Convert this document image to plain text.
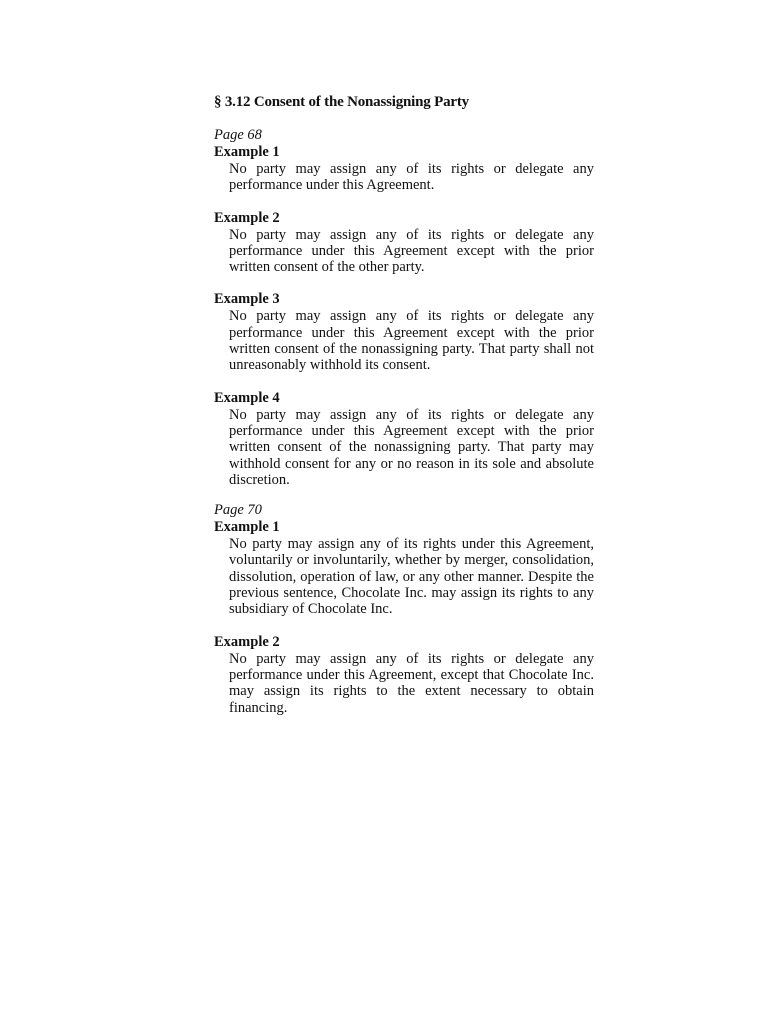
§ 3.12 Consent of the Nonassigning Party

Page 68

Example 1

No party may assign any of its rights or delegate any performance under this Agreement.

Example 2

No party may assign any of its rights or delegate any performance under this Agreement except with the prior written consent of the other party.

Example 3

No party may assign any of its rights or delegate any performance under this Agreement except with the prior written consent of the nonassigning party. That party shall not unreasonably withhold its consent.

Example 4

No party may assign any of its rights or delegate any performance under this Agreement except with the prior written consent of the nonassigning party. That party may withhold consent for any or no reason in its sole and absolute discretion.

Page 70

Example 1

No party may assign any of its rights under this Agreement, voluntarily or involuntarily, whether by merger, consolidation, dissolution, operation of law, or any other manner. Despite the previous sentence, Chocolate Inc. may assign its rights to any subsidiary of Chocolate Inc.

Example 2

No party may assign any of its rights or delegate any performance under this Agreement, except that Chocolate Inc. may assign its rights to the extent necessary to obtain financing.
